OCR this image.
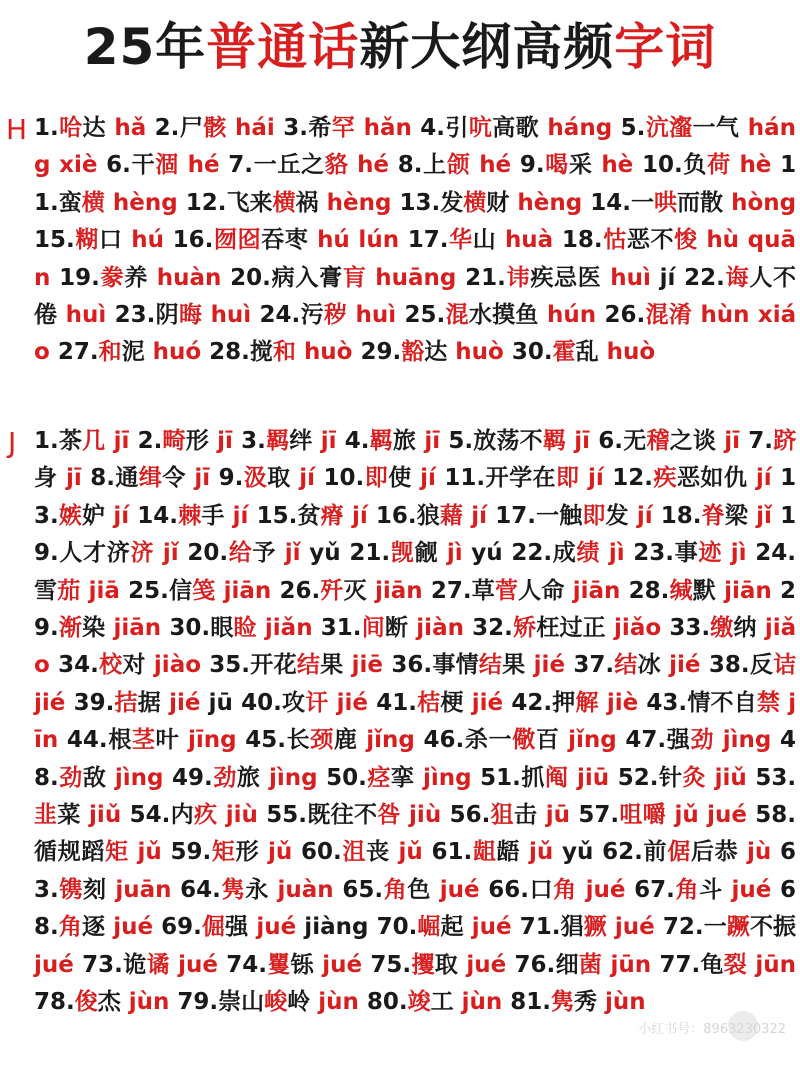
25年普通话新大纲高频字词
H 1.哈达 hǎ 2.尸骸 hái 3.希罕 hǎn 4.引吭高歌 háng 5.沆瀣一气 háng xiè 6.干涸 hé 7.一丘之貉 hé 8.上颌 hé 9.喝采 hè 10.负荷 hè 11.蛮横 hèng 12.飞来横祸 hèng 13.发横财 hèng 14.一哄而散 hòng 15.糊口 hú 16.囫囵吞枣 hú lún 17.华山 huà 18.怙恶不悛 hù quān 19.豢养 huàn 20.病入膏肓 huāng 21.讳疾忌医 huì jí 22.诲人不倦 huì 23.阴晦 huì 24.污秽 huì 25.混水摸鱼 hún 26.混淆 hùn xiáo 27.和泥 huó 28.搅和 huò 29.豁达 huò 30.霍乱 huò
J 1.茶几 jī 2.畸形 jī 3.羁绊 jī 4.羁旅 jī 5.放荡不羁 jī 6.无稽之谈 jī 7.跻身 jī 8.通缉令 jī 9.汲取 jí 10.即使 jí 11.开学在即 jí 12.疾恶如仇 jí 13.嫉妒 jí 14.棘手 jí 15.贫瘠 jí 16.狼藉 jí 17.一触即发 jí 18.脊梁 jǐ 19.人才济济 jǐ 20.给予 jǐ yǔ 21.觊觎 jì yú 22.成绩 jì 23.事迹 jì 24.雪茄 jiā 25.信笺 jiān 26.歼灭 jiān 27.草菅人命 jiān 28.缄默 jiān 29.渐染 jiān 30.眼睑 jiǎn 31.间断 jiàn 32.矫枉过正 jiǎo 33.缴纳 jiǎo 34.校对 jiào 35.开花结果 jiē 36.事情结果 jié 37.结冰 jié 38.反诘 jié 39.拮据 jié jū 40.攻讦 jié 41.桔梗 jié 42.押解 jiè 43.情不自禁 jīn 44.根茎叶 jīng 45.长颈鹿 jǐng 46.杀一儆百 jǐng 47.强劲 jìng 48.劲敌 jìng 49.劲旅 jìng 50.痉挛 jìng 51.抓阄 jiū 52.针灸 jiǔ 53.韭菜 jiǔ 54.内疚 jiù 55.既往不咎 jiù 56.狙击 jū 57.咀嚼 jǔ jué 58.循规蹈矩 jǔ 59.矩形 jǔ 60.沮丧 jǔ 61.龃龉 jǔ yǔ 62.前倨后恭 jù 63.镌刻 juān 64.隽永 juàn 65.角色 jué 66.口角 jué 67.角斗 jué 68.角逐 jué 69.倔强 jué jiàng 70.崛起 jué 71.猖獗 jué 72.一蹶不振 jué 73.诡谲 jué 74.矍铄 jué 75.攫取 jué 76.细菌 jūn 77.龟裂 jūn 78.俊杰 jùn 79.崇山峻岭 jùn 80.竣工 jùn 81.隽秀 jùn
小红书号：8963230322
